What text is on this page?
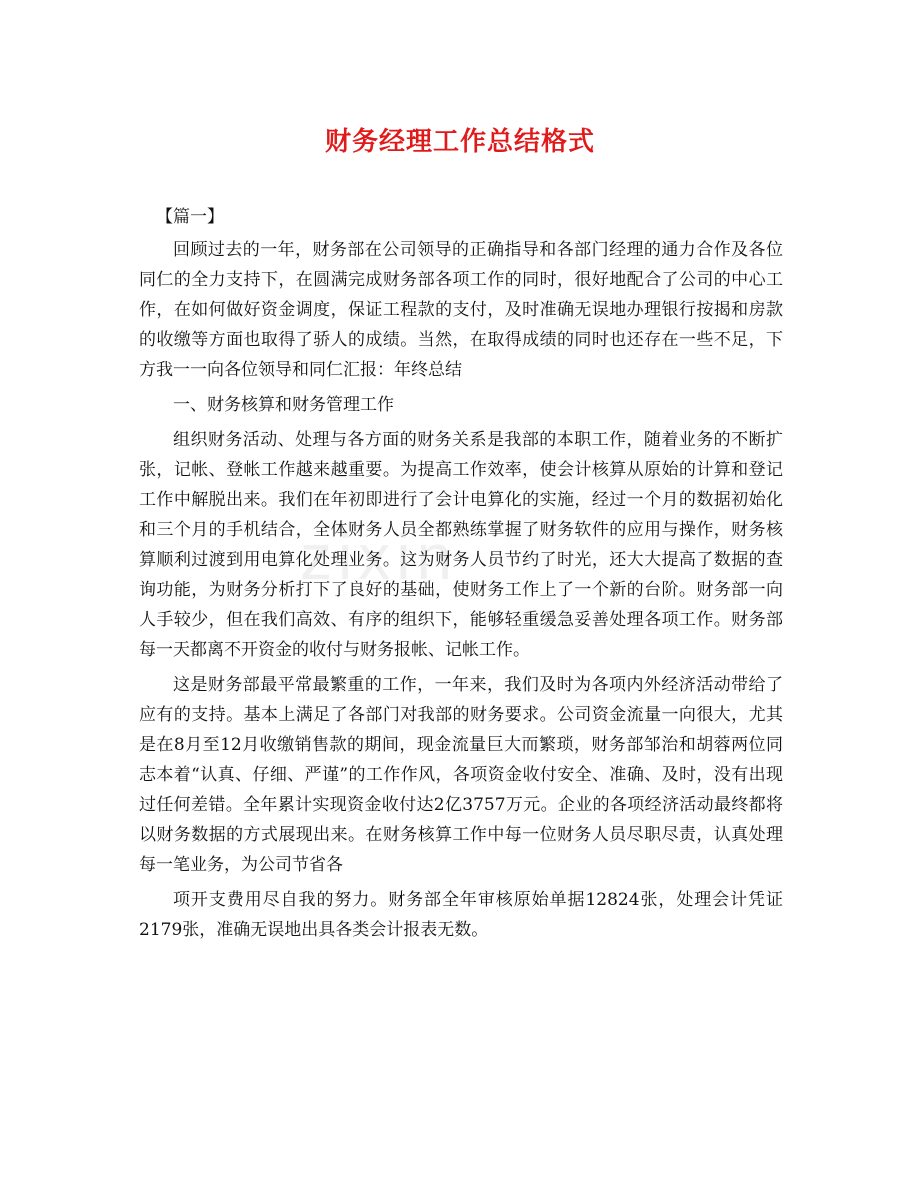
财务经理工作总结格式
zixin

【篇一】

回顾过去的一年，财务部在公司领导的正确指导和各部门经理的通力合作及各位同仁的全力支持下，在圆满完成财务部各项工作的同时，很好地配合了公司的中心工作，在如何做好资金调度，保证工程款的支付，及时准确无误地办理银行按揭和房款的收缴等方面也取得了骄人的成绩。当然，在取得成绩的同时也还存在一些不足，下方我一一向各位领导和同仁汇报：年终总结

一、财务核算和财务管理工作

组织财务活动、处理与各方面的财务关系是我部的本职工作，随着业务的不断扩张，记帐、登帐工作越来越重要。为提高工作效率，使会计核算从原始的计算和登记工作中解脱出来。我们在年初即进行了会计电算化的实施，经过一个月的数据初始化和三个月的手机结合，全体财务人员全都熟练掌握了财务软件的应用与操作，财务核算顺利过渡到用电算化处理业务。这为财务人员节约了时光，还大大提高了数据的查询功能，为财务分析打下了良好的基础，使财务工作上了一个新的台阶。财务部一向人手较少，但在我们高效、有序的组织下，能够轻重缓急妥善处理各项工作。财务部每一天都离不开资金的收付与财务报帐、记帐工作。

这是财务部最平常最繁重的工作，一年来，我们及时为各项内外经济活动带给了应有的支持。基本上满足了各部门对我部的财务要求。公司资金流量一向很大，尤其是在8月至12月收缴销售款的期间，现金流量巨大而繁琐，财务部邹治和胡蓉两位同志本着“认真、仔细、严谨”的工作作风，各项资金收付安全、准确、及时，没有出现过任何差错。全年累计实现资金收付达2亿3757万元。企业的各项经济活动最终都将以财务数据的方式展现出来。在财务核算工作中每一位财务人员尽职尽责，认真处理每一笔业务，为公司节省各

项开支费用尽自我的努力。财务部全年审核原始单据12824张，处理会计凭证2179张，准确无误地出具各类会计报表无数。
